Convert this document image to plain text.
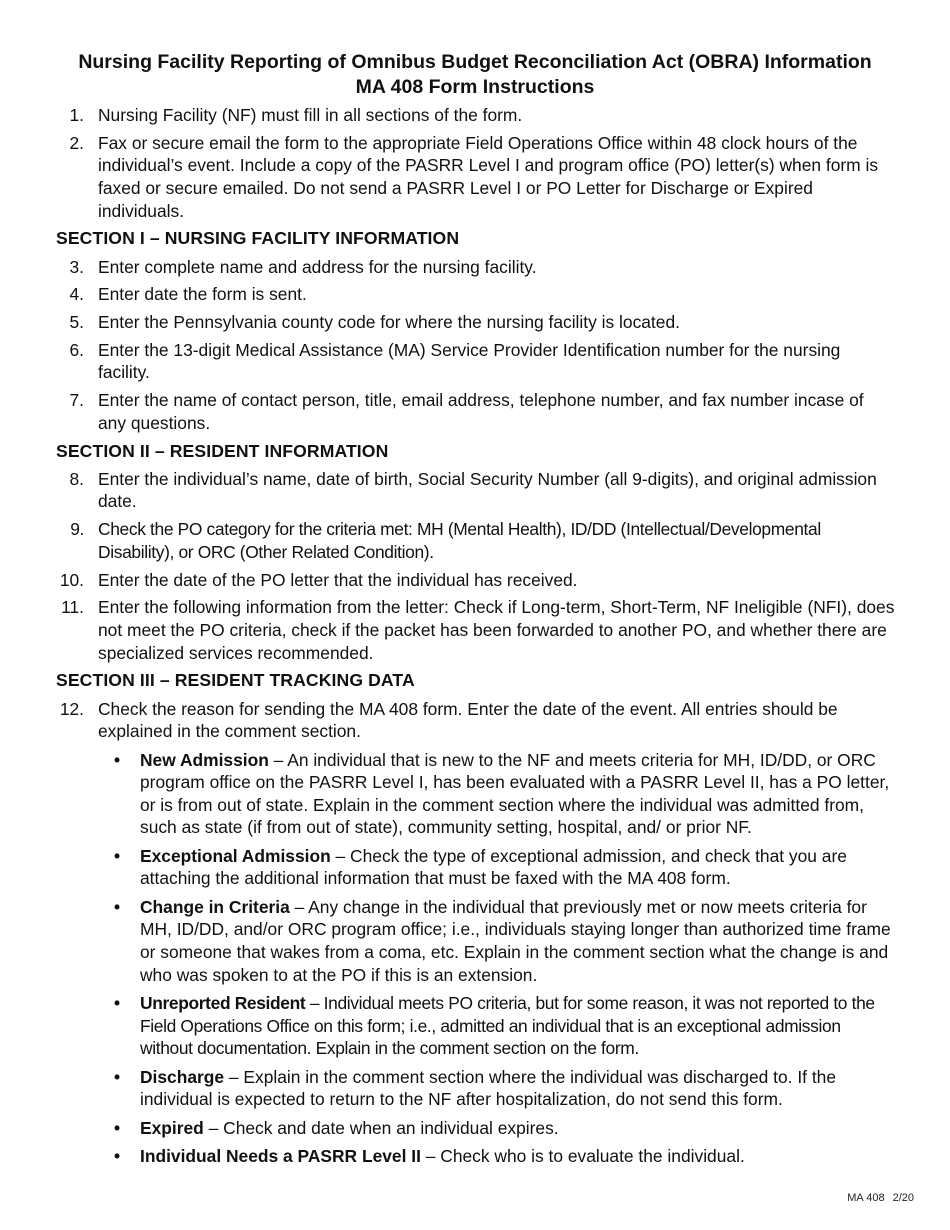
Nursing Facility Reporting of Omnibus Budget Reconciliation Act (OBRA) Information
MA 408 Form Instructions
1. Nursing Facility (NF) must fill in all sections of the form.
2. Fax or secure email the form to the appropriate Field Operations Office within 48 clock hours of the individual’s event. Include a copy of the PASRR Level I and program office (PO) letter(s) when form is faxed or secure emailed. Do not send a PASRR Level I or PO Letter for Discharge or Expired individuals.
SECTION I – NURSING FACILITY INFORMATION
3. Enter complete name and address for the nursing facility.
4. Enter date the form is sent.
5. Enter the Pennsylvania county code for where the nursing facility is located.
6. Enter the 13-digit Medical Assistance (MA) Service Provider Identification number for the nursing facility.
7. Enter the name of contact person, title, email address, telephone number, and fax number incase of any questions.
SECTION II – RESIDENT INFORMATION
8. Enter the individual’s name, date of birth, Social Security Number (all 9-digits), and original admission date.
9. Check the PO category for the criteria met: MH (Mental Health), ID/DD (Intellectual/Developmental Disability), or ORC (Other Related Condition).
10. Enter the date of the PO letter that the individual has received.
11. Enter the following information from the letter: Check if Long-term, Short-Term, NF Ineligible (NFI), does not meet the PO criteria, check if the packet has been forwarded to another PO, and whether there are specialized services recommended.
SECTION III – RESIDENT TRACKING DATA
12. Check the reason for sending the MA 408 form. Enter the date of the event. All entries should be explained in the comment section.
• New Admission – An individual that is new to the NF and meets criteria for MH, ID/DD, or ORC program office on the PASRR Level I, has been evaluated with a PASRR Level II, has a PO letter, or is from out of state. Explain in the comment section where the individual was admitted from, such as state (if from out of state), community setting, hospital, and/ or prior NF.
• Exceptional Admission – Check the type of exceptional admission, and check that you are attaching the additional information that must be faxed with the MA 408 form.
• Change in Criteria – Any change in the individual that previously met or now meets criteria for MH, ID/DD, and/or ORC program office; i.e., individuals staying longer than authorized time frame or someone that wakes from a coma, etc. Explain in the comment section what the change is and who was spoken to at the PO if this is an extension.
• Unreported Resident – Individual meets PO criteria, but for some reason, it was not reported to the Field Operations Office on this form; i.e., admitted an individual that is an exceptional admission without documentation. Explain in the comment section on the form.
• Discharge – Explain in the comment section where the individual was discharged to. If the individual is expected to return to the NF after hospitalization, do not send this form.
• Expired – Check and date when an individual expires.
• Individual Needs a PASRR Level II – Check who is to evaluate the individual.
MA 408 2/20
